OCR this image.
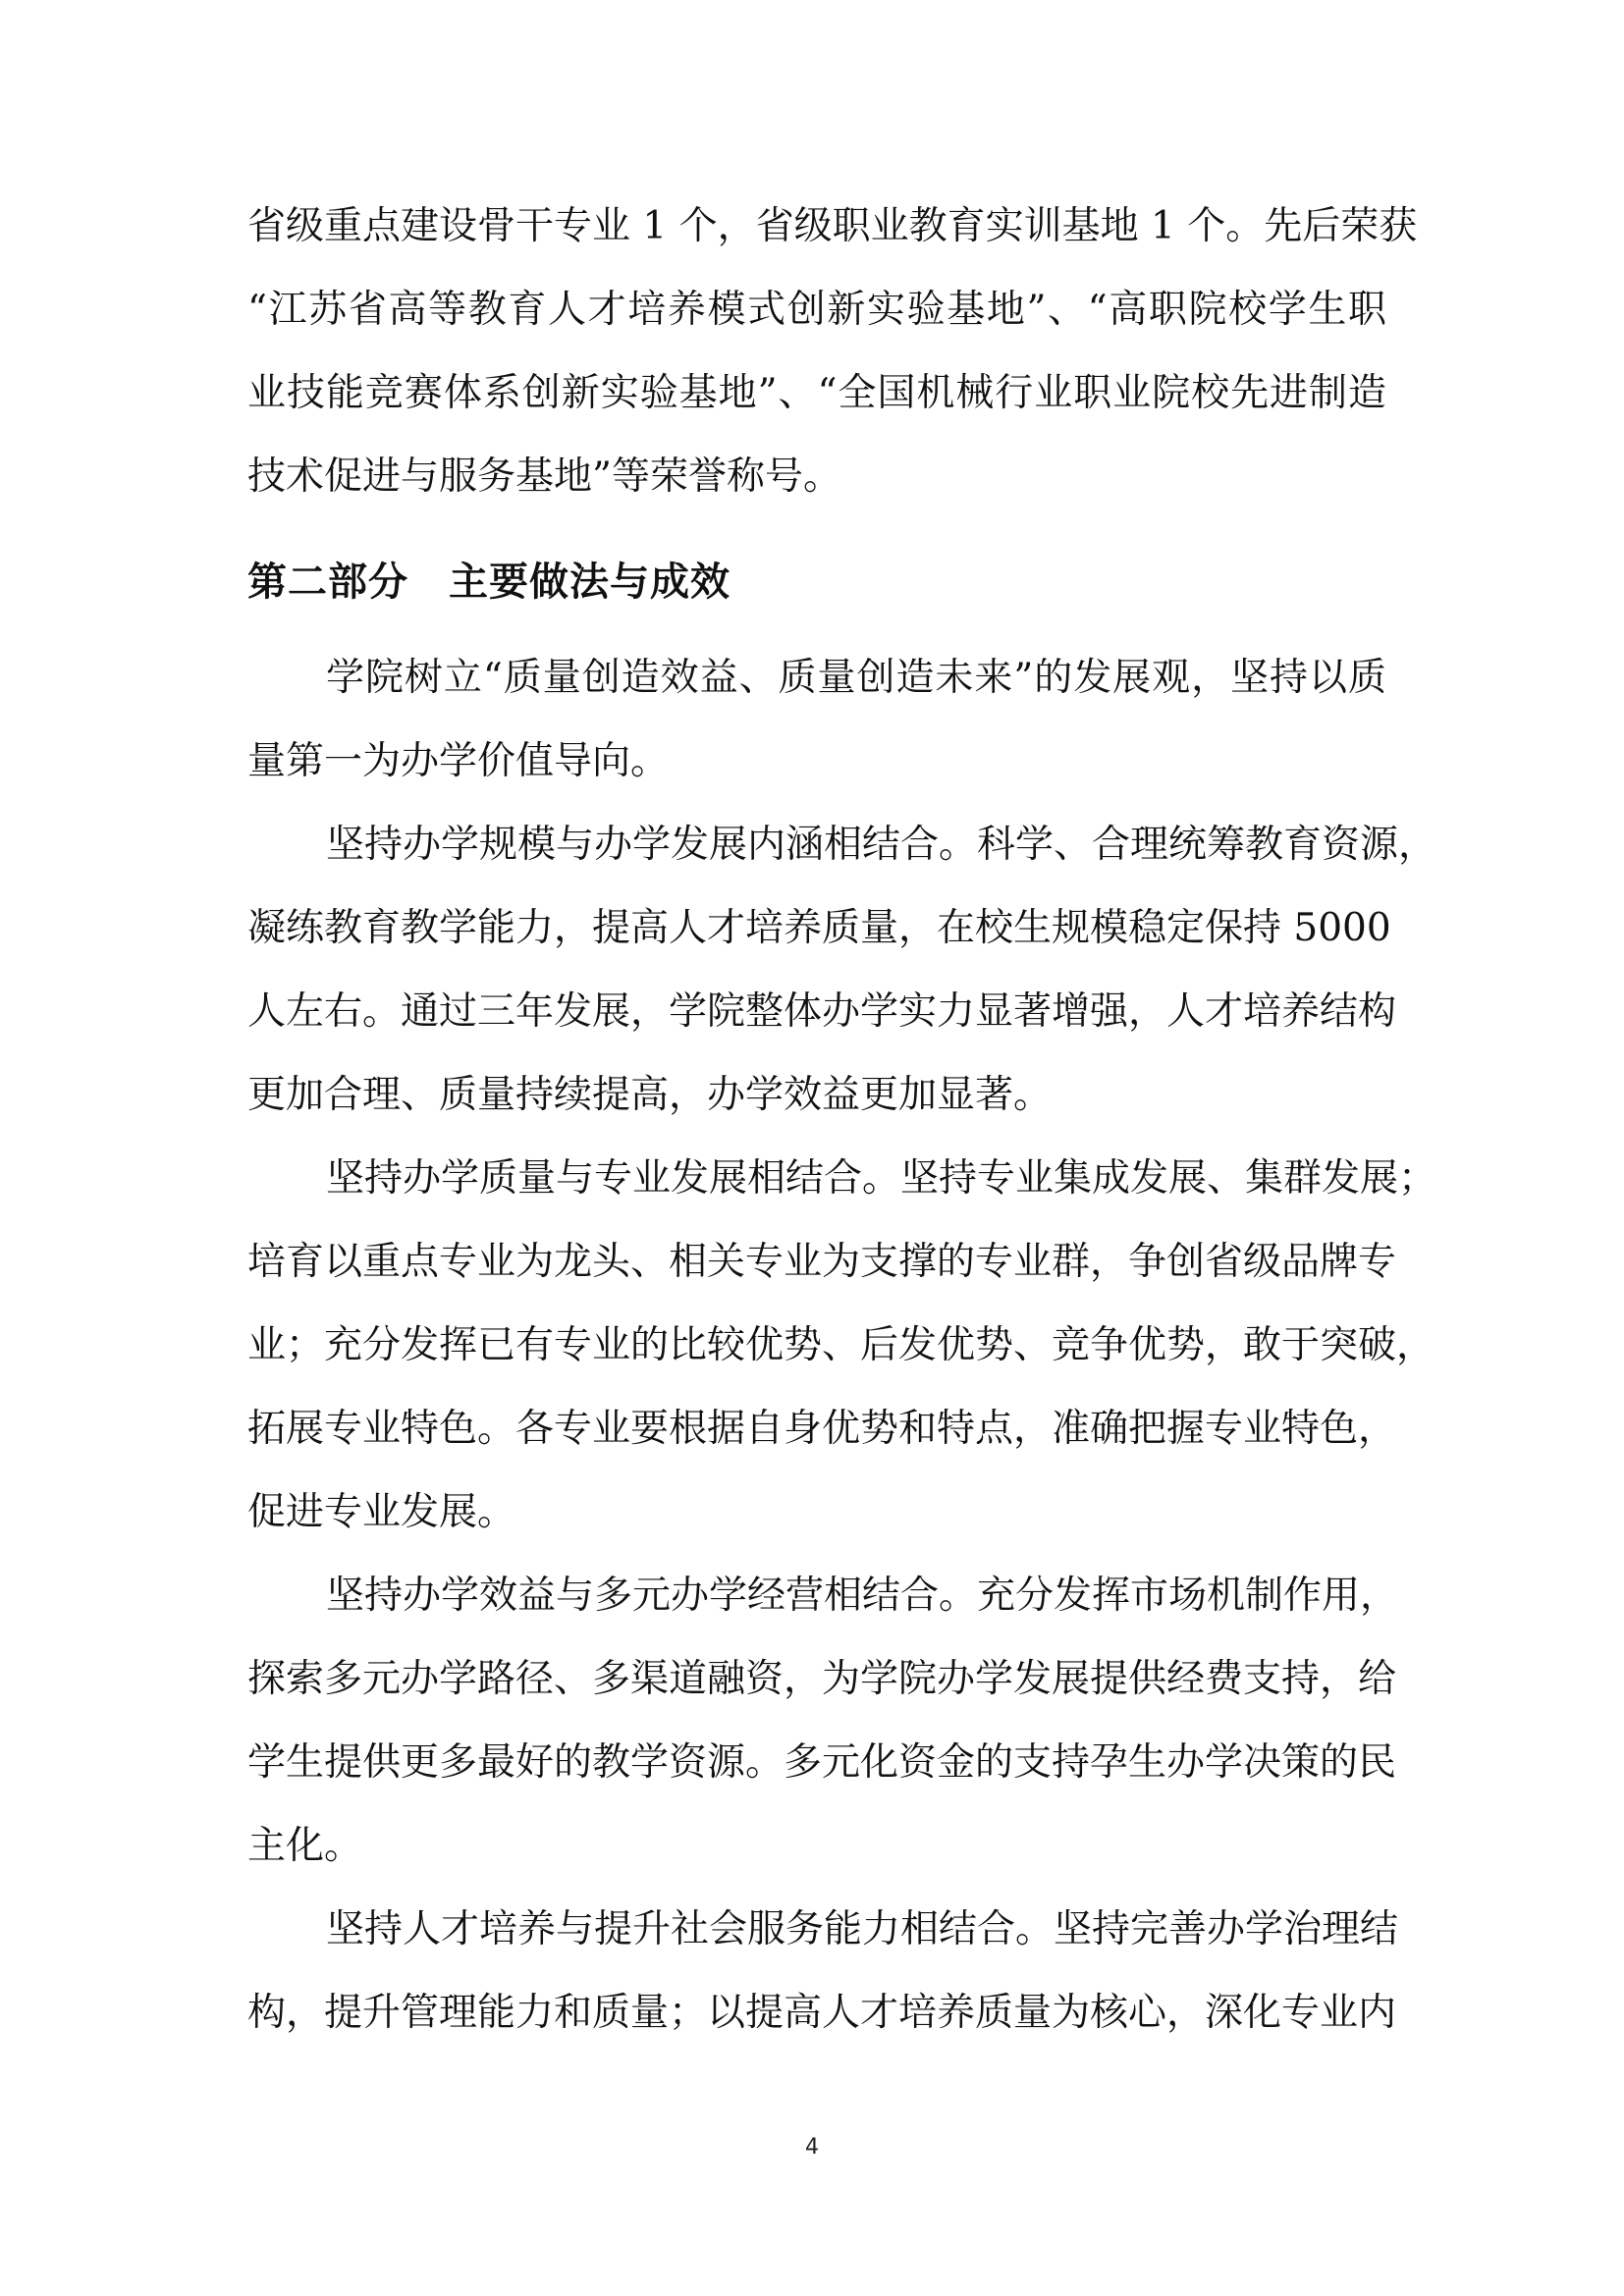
省级重点建设骨干专业 1 个，省级职业教育实训基地 1 个。先后荣获
“江苏省高等教育人才培养模式创新实验基地”、“高职院校学生职
业技能竞赛体系创新实验基地”、“全国机械行业职业院校先进制造
技术促进与服务基地”等荣誉称号。
第二部分　主要做法与成效
学院树立“质量创造效益、质量创造未来”的发展观，坚持以质
量第一为办学价值导向。
坚持办学规模与办学发展内涵相结合。科学、合理统筹教育资源，
凝练教育教学能力，提高人才培养质量，在校生规模稳定保持 5000
人左右。通过三年发展，学院整体办学实力显著增强，人才培养结构
更加合理、质量持续提高，办学效益更加显著。
坚持办学质量与专业发展相结合。坚持专业集成发展、集群发展；
培育以重点专业为龙头、相关专业为支撑的专业群，争创省级品牌专
业；充分发挥已有专业的比较优势、后发优势、竞争优势，敢于突破，
拓展专业特色。各专业要根据自身优势和特点，准确把握专业特色，
促进专业发展。
坚持办学效益与多元办学经营相结合。充分发挥市场机制作用，
探索多元办学路径、多渠道融资，为学院办学发展提供经费支持，给
学生提供更多最好的教学资源。多元化资金的支持孕生办学决策的民
主化。
坚持人才培养与提升社会服务能力相结合。坚持完善办学治理结
构，提升管理能力和质量；以提高人才培养质量为核心，深化专业内
4
